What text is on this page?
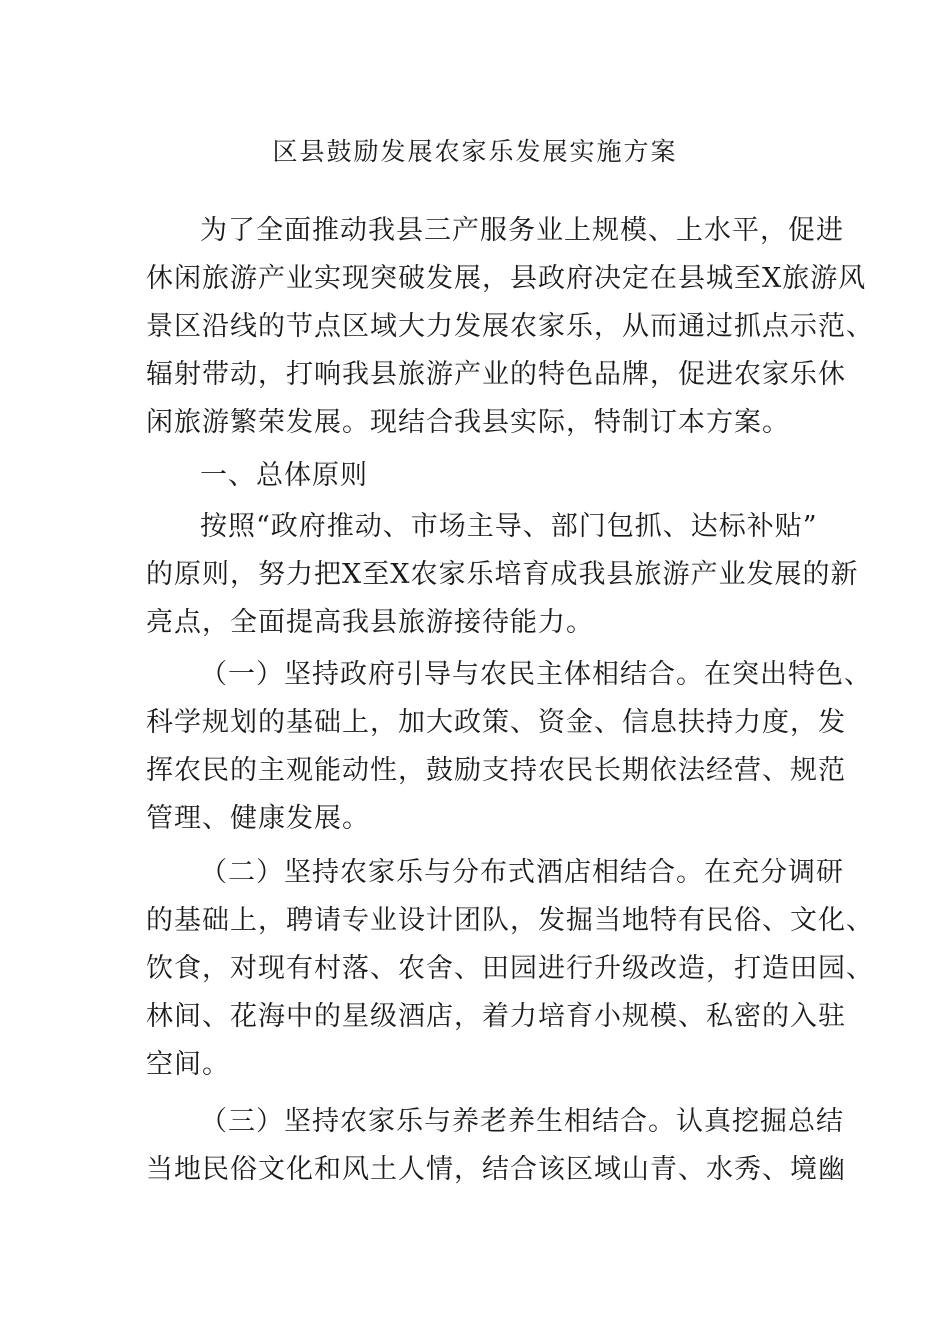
区县鼓励发展农家乐发展实施方案
为了全面推动我县三产服务业上规模、上水平，促进
休闲旅游产业实现突破发展，县政府决定在县城至X旅游风
景区沿线的节点区域大力发展农家乐，从而通过抓点示范、
辐射带动，打响我县旅游产业的特色品牌，促进农家乐休
闲旅游繁荣发展。现结合我县实际，特制订本方案。
一、总体原则
按照“政府推动、市场主导、部门包抓、达标补贴”
的原则，努力把X至X农家乐培育成我县旅游产业发展的新
亮点，全面提高我县旅游接待能力。
（一）坚持政府引导与农民主体相结合。在突出特色、
科学规划的基础上，加大政策、资金、信息扶持力度，发
挥农民的主观能动性，鼓励支持农民长期依法经营、规范
管理、健康发展。
（二）坚持农家乐与分布式酒店相结合。在充分调研
的基础上，聘请专业设计团队，发掘当地特有民俗、文化、
饮食，对现有村落、农舍、田园进行升级改造，打造田园、
林间、花海中的星级酒店，着力培育小规模、私密的入驻
空间。
（三）坚持农家乐与养老养生相结合。认真挖掘总结
当地民俗文化和风土人情，结合该区域山青、水秀、境幽
